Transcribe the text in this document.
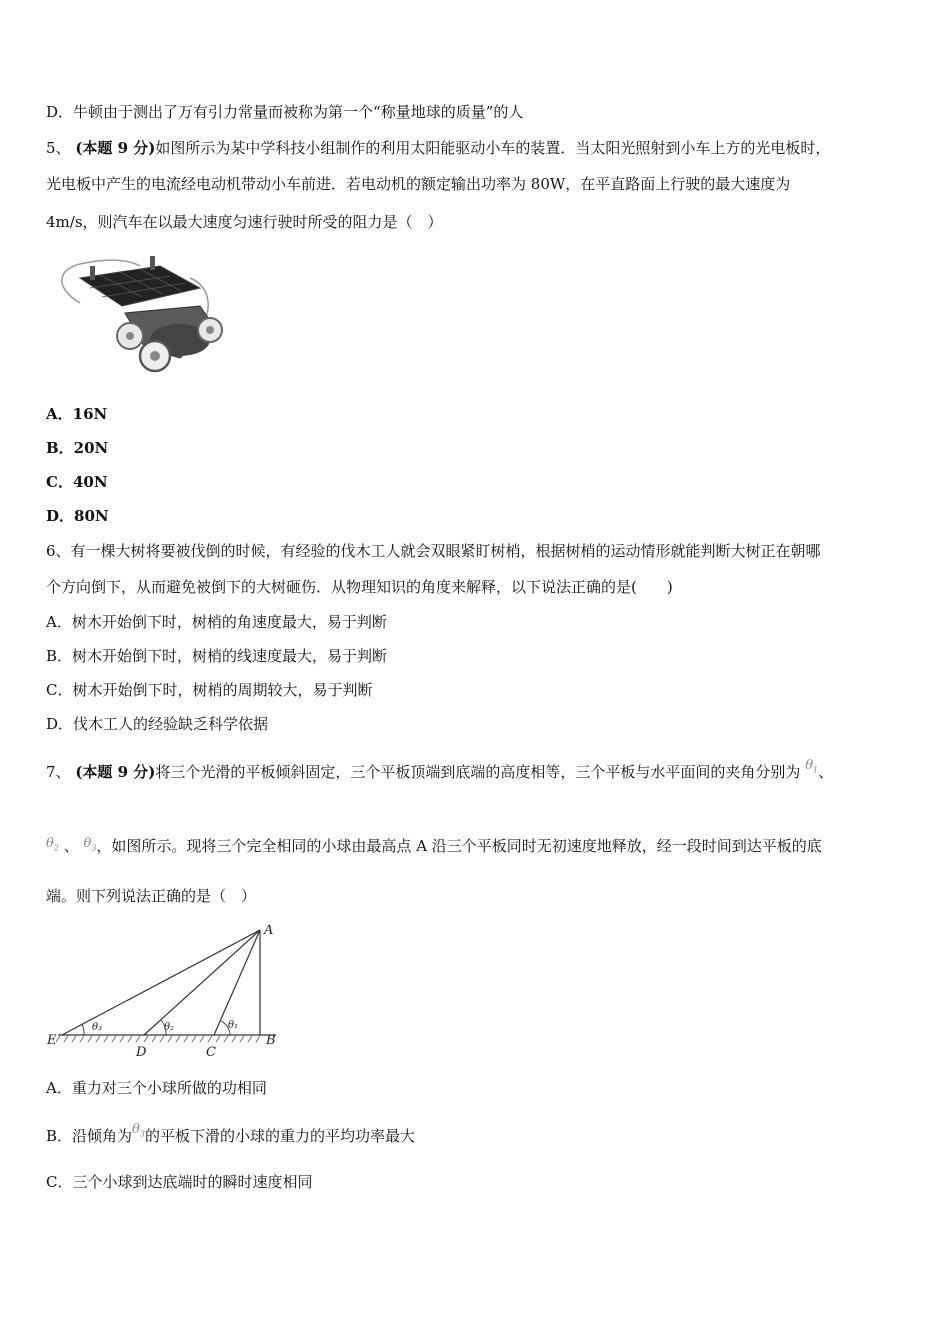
D．牛顿由于测出了万有引力常量而被称为第一个“称量地球的质量”的人
5、 (本题 9 分)如图所示为某中学科技小组制作的利用太阳能驱动小车的装置．当太阳光照射到小车上方的光电板时，
光电板中产生的电流经电动机带动小车前进．若电动机的额定输出功率为 80W，在平直路面上行驶的最大速度为
4m/s，则汽车在以最大速度匀速行驶时所受的阻力是（　）
A．16N
B．20N
C．40N
D．80N
6、有一棵大树将要被伐倒的时候，有经验的伐木工人就会双眼紧盯树梢，根据树梢的运动情形就能判断大树正在朝哪
个方向倒下，从而避免被倒下的大树砸伤．从物理知识的角度来解释，以下说法正确的是(　　)
A．树木开始倒下时，树梢的角速度最大，易于判断
B．树木开始倒下时，树梢的线速度最大，易于判断
C．树木开始倒下时，树梢的周期较大，易于判断
D．伐木工人的经验缺乏科学依据
7、 (本题 9 分)将三个光滑的平板倾斜固定，三个平板顶端到底端的高度相等，三个平板与水平面间的夹角分别为 $\theta_1$、
$\theta_2$ 、 $\theta_3$，如图所示。现将三个完全相同的小球由最高点 A 沿三个平板同时无初速度地释放，经一段时间到达平板的底
端。则下列说法正确的是（　）
A
B
C
D
E
θ₃	θ₂	θ₁
A．重力对三个小球所做的功相同
B．沿倾角为$\theta_3$的平板下滑的小球的重力的平均功率最大
C．三个小球到达底端时的瞬时速度相同
